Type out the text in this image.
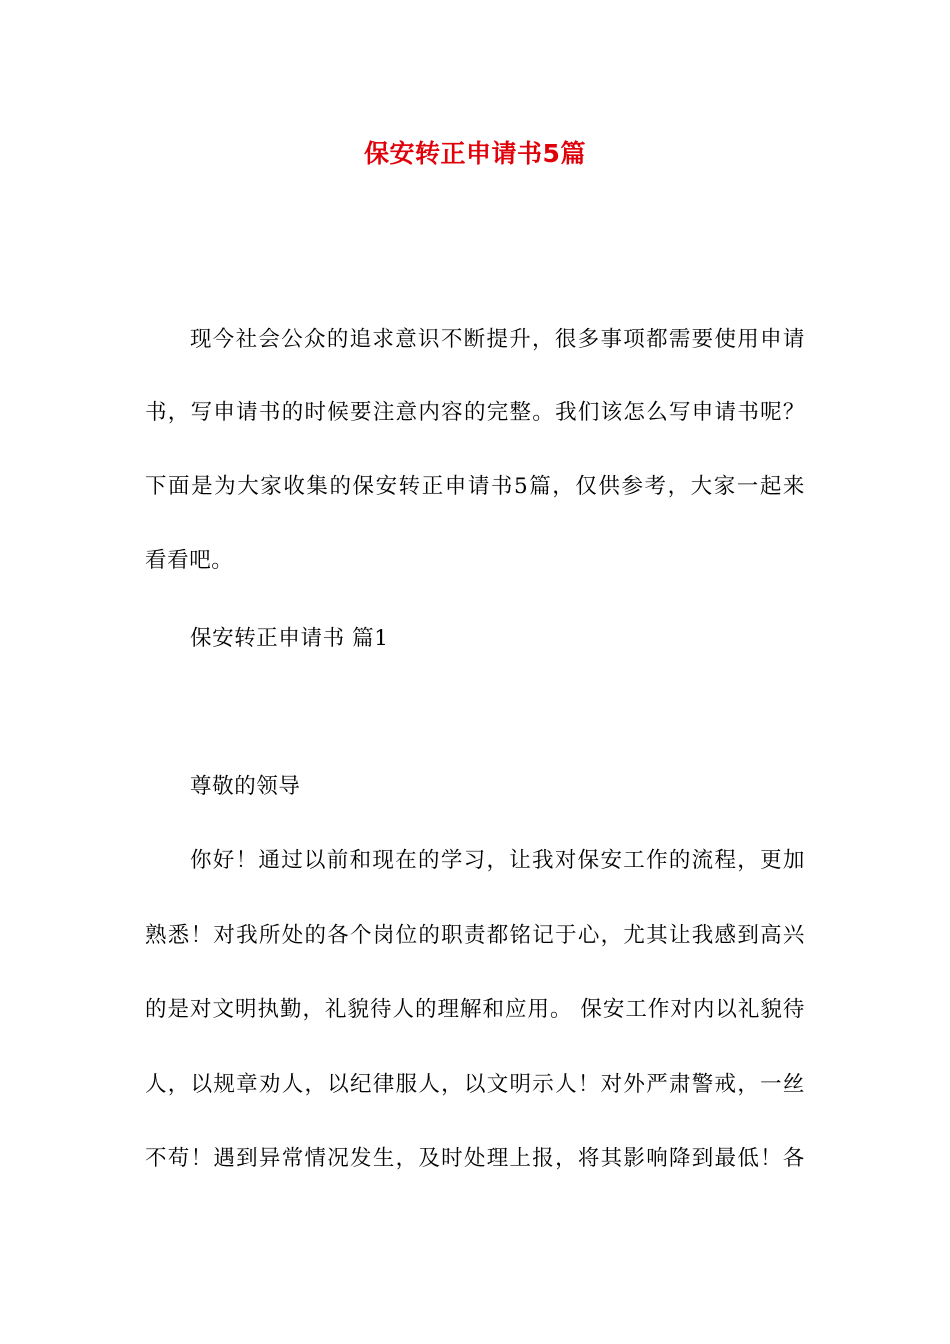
保安转正申请书5篇
现今社会公众的追求意识不断提升，很多事项都需要使用申请
书，写申请书的时候要注意内容的完整。我们该怎么写申请书呢？
下面是为大家收集的保安转正申请书5篇，仅供参考，大家一起来
看看吧。
保安转正申请书 篇1
尊敬的领导
你好！通过以前和现在的学习，让我对保安工作的流程，更加
熟悉！对我所处的各个岗位的职责都铭记于心，尤其让我感到高兴
的是对文明执勤，礼貌待人的理解和应用。 保安工作对内以礼貌待
人，以规章劝人，以纪律服人，以文明示人！对外严肃警戒，一丝
不苟！遇到异常情况发生，及时处理上报，将其影响降到最低！各
